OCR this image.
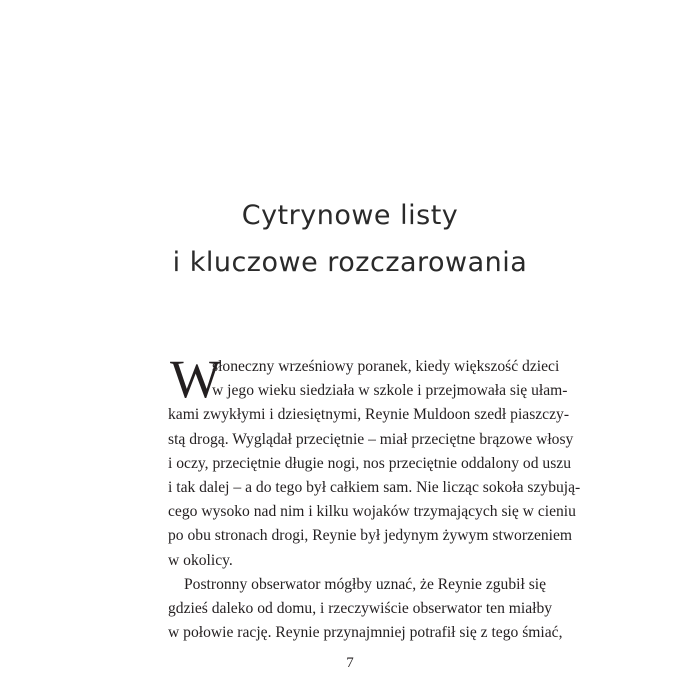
Cytrynowe listy
i kluczowe rozczarowania
W
słoneczny wrześniowy poranek, kiedy większość dzieci
w jego wieku siedziała w szkole i przejmowała się ułam-
kami zwykłymi i dziesiętnymi, Reynie Muldoon szedł piaszczy-
stą drogą. Wyglądał przeciętnie – miał przeciętne brązowe włosy
i oczy, przeciętnie długie nogi, nos przeciętnie oddalony od uszu
i tak dalej – a do tego był całkiem sam. Nie licząc sokoła szybują-
cego wysoko nad nim i kilku wojaków trzymających się w cieniu
po obu stronach drogi, Reynie był jedynym żywym stworzeniem
w okolicy.
Postronny obserwator mógłby uznać, że Reynie zgubił się
gdzieś daleko od domu, i rzeczywiście obserwator ten miałby
w połowie rację. Reynie przynajmniej potrafił się z tego śmiać,
7
